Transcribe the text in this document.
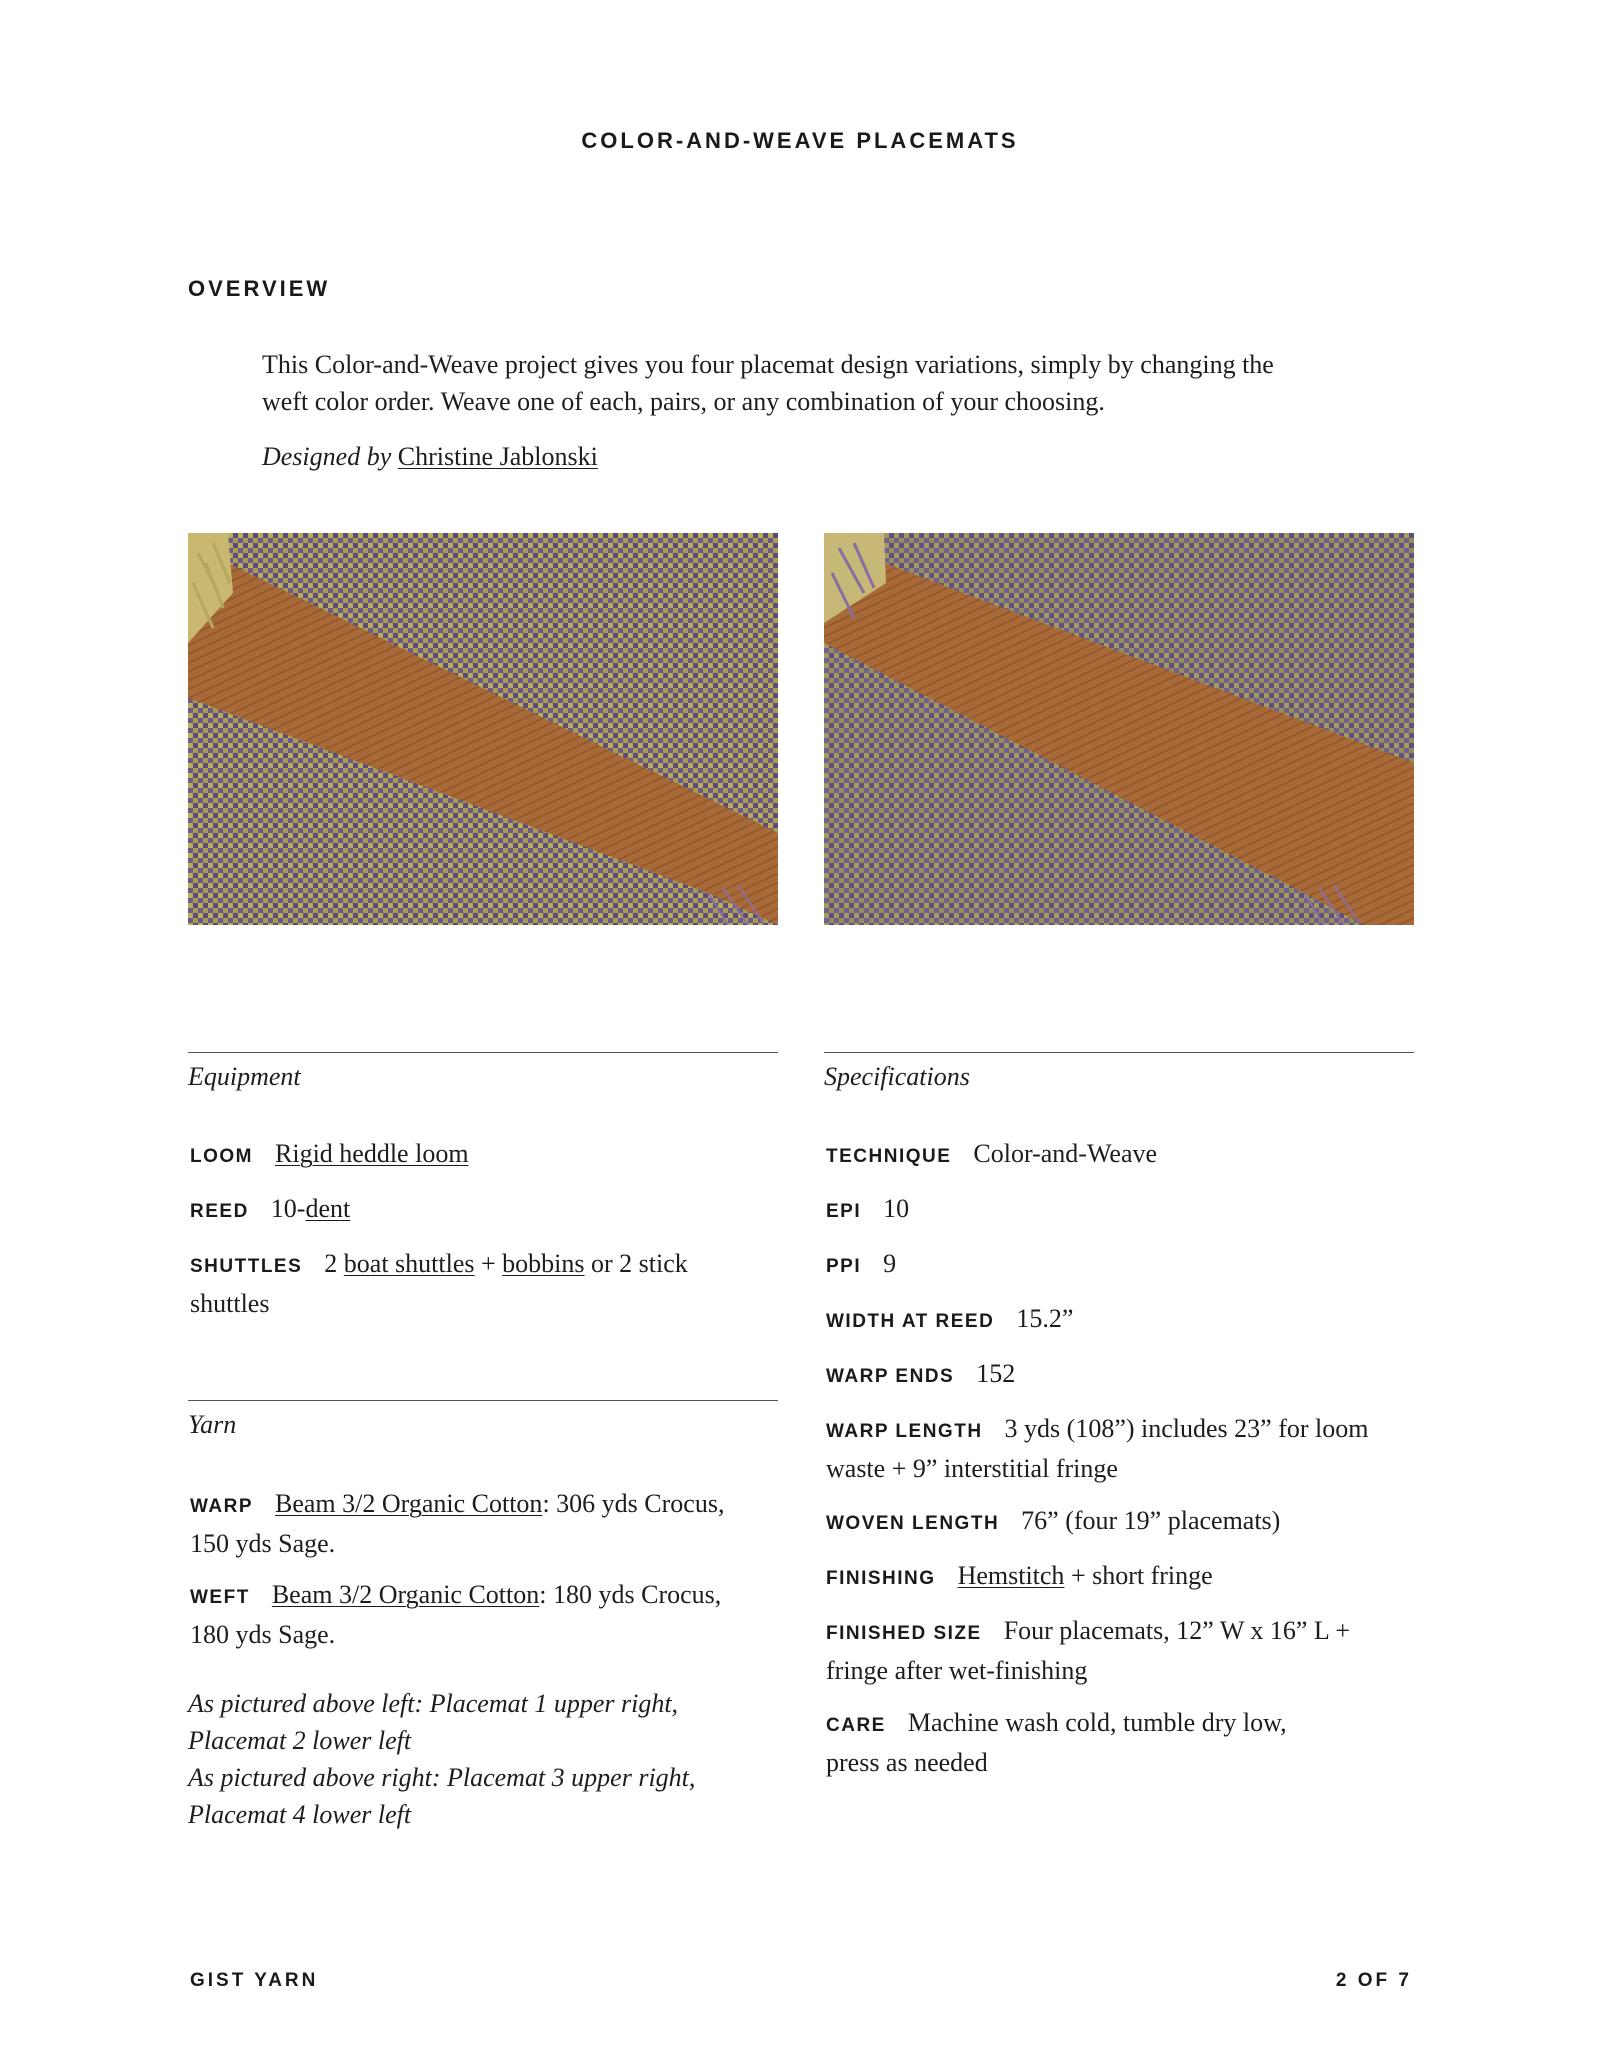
COLOR-AND-WEAVE PLACEMATS
OVERVIEW
This Color-and-Weave project gives you four placemat design variations, simply by changing the
weft color order. Weave one of each, pairs, or any combination of your choosing.
Designed by Christine Jablonski
Equipment
LOOM Rigid heddle loom
REED 10-dent
SHUTTLES 2 boat shuttles + bobbins or 2 stick
shuttles
Yarn
WARP Beam 3/2 Organic Cotton: 306 yds Crocus,
150 yds Sage.
WEFT Beam 3/2 Organic Cotton: 180 yds Crocus,
180 yds Sage.
As pictured above left: Placemat 1 upper right,
Placemat 2 lower left
As pictured above right: Placemat 3 upper right,
Placemat 4 lower left
Specifications
TECHNIQUE Color-and-Weave
EPI 10
PPI 9
WIDTH AT REED 15.2”
WARP ENDS 152
WARP LENGTH 3 yds (108”) includes 23” for loom
waste + 9” interstitial fringe
WOVEN LENGTH 76” (four 19” placemats)
FINISHING Hemstitch + short fringe
FINISHED SIZE Four placemats, 12” W x 16” L +
fringe after wet-finishing
CARE Machine wash cold, tumble dry low,
press as needed
GIST YARN	2 OF 7
